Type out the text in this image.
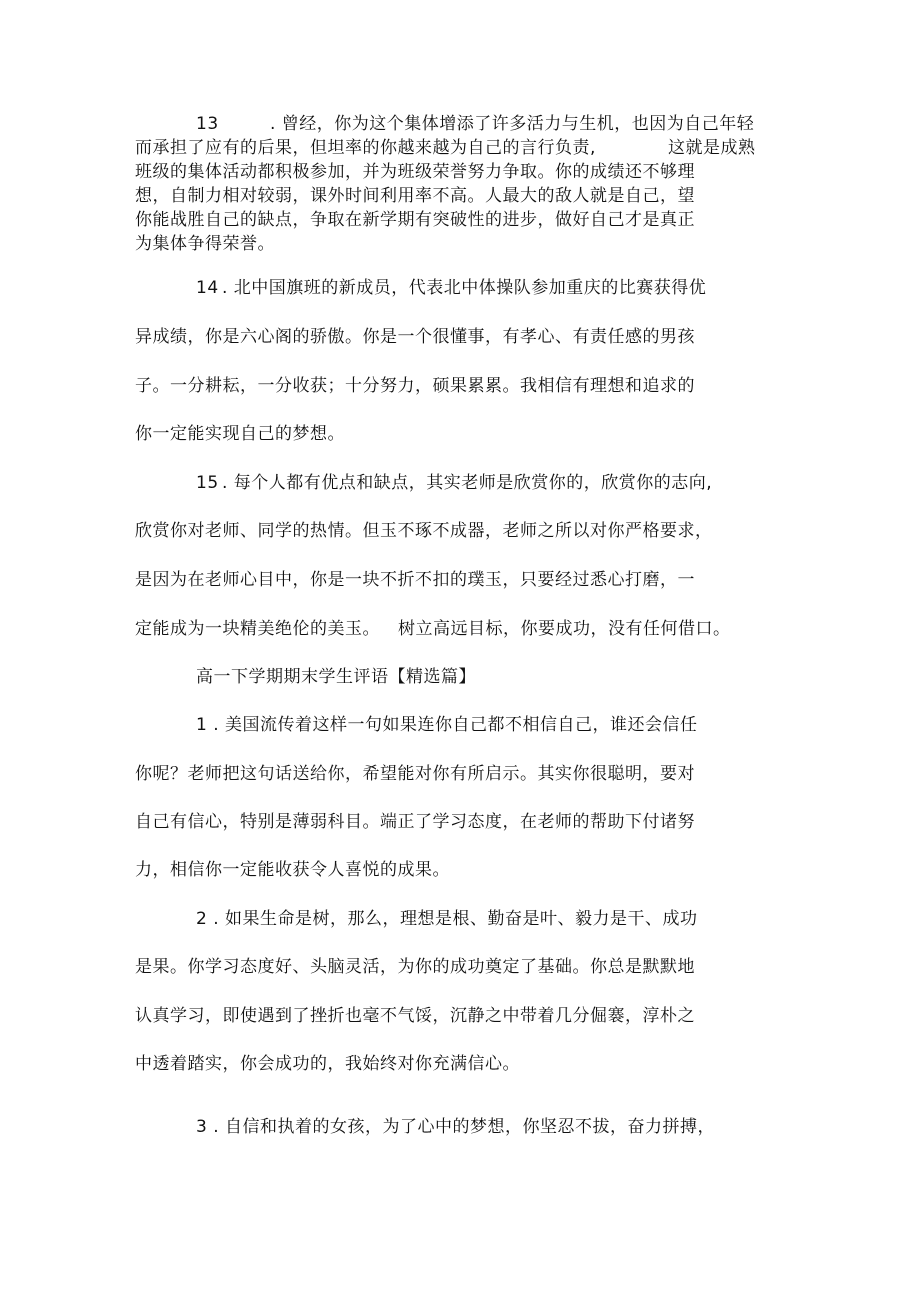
13	. 曾经，你为这个集体增添了许多活力与生机，也因为自己年轻
而承担了应有的后果，但坦率的你越来越为自己的言行负责,	这就是成熟
班级的集体活动都积极参加，并为班级荣誉努力争取。你的成绩还不够理
想，自制力相对较弱，课外时间利用率不高。人最大的敌人就是自己，望
你能战胜自己的缺点，争取在新学期有突破性的进步，做好自己才是真正
为集体争得荣誉。
14 . 北中国旗班的新成员，代表北中体操队参加重庆的比赛获得优
异成绩，你是六心阁的骄傲。你是一个很懂事，有孝心、有责任感的男孩
子。一分耕耘，一分收获；十分努力，硕果累累。我相信有理想和追求的
你一定能实现自己的梦想。
15 . 每个人都有优点和缺点，其实老师是欣赏你的，欣赏你的志向,
欣赏你对老师、同学的热情。但玉不琢不成器，老师之所以对你严格要求，
是因为在老师心目中，你是一块不折不扣的璞玉，只要经过悉心打磨，一
定能成为一块精美绝伦的美玉。 树立高远目标，你要成功，没有任何借口。
高一下学期期末学生评语【精选篇】
1 . 美国流传着这样一句如果连你自己都不相信自己，谁还会信任
你呢？老师把这句话送给你，希望能对你有所启示。其实你很聪明，要对
自己有信心，特别是薄弱科目。端正了学习态度，在老师的帮助下付诸努
力，相信你一定能收获令人喜悦的成果。
2 . 如果生命是树，那么，理想是根、勤奋是叶、毅力是干、成功
是果。你学习态度好、头脑灵活，为你的成功奠定了基础。你总是默默地
认真学习，即使遇到了挫折也毫不气馁，沉静之中带着几分倔褰，淳朴之
中透着踏实，你会成功的，我始终对你充满信心。
3 . 自信和执着的女孩，为了心中的梦想，你坚忍不拔，奋力拼搏，
